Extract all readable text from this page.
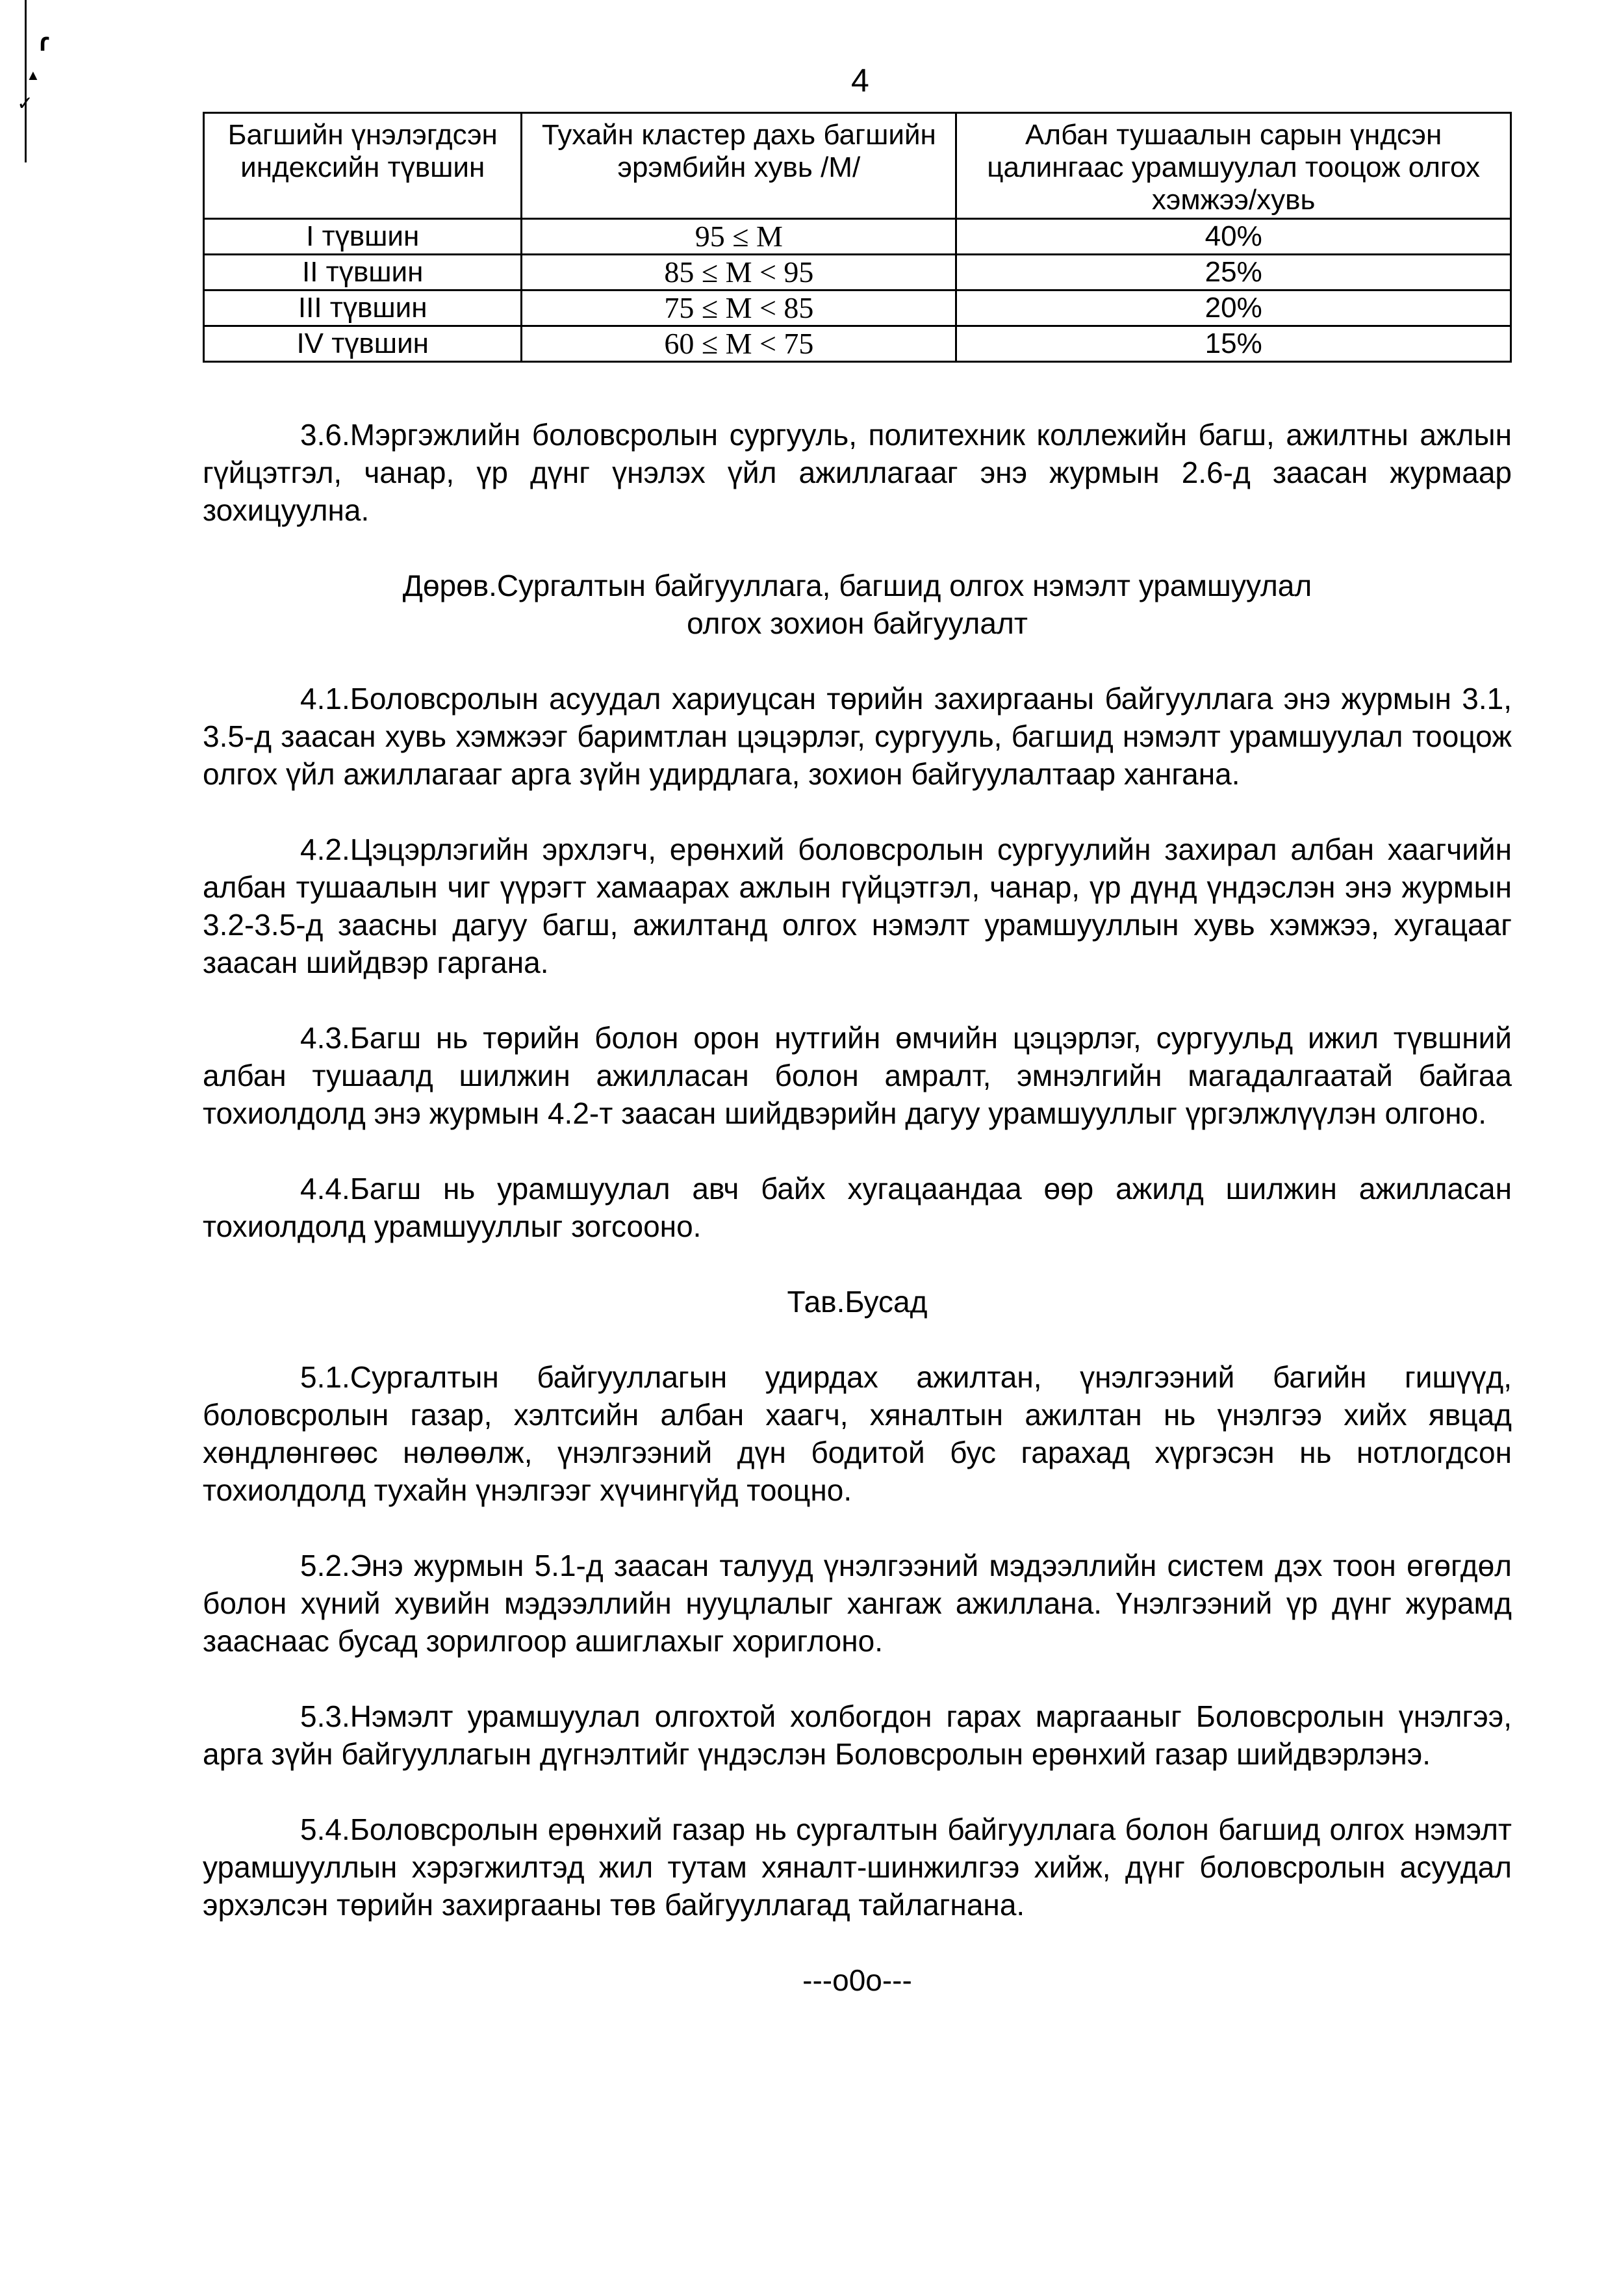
ɾ
▲
✓
4
Багшийн үнэлэгдсэн индексийн түвшин	Тухайн кластер дахь багшийн эрэмбийн хувь /M/	Албан тушаалын сарын үндсэн цалингаас урамшуулал тооцож олгох хэмжээ/хувь
I түвшин	95 ≤ M	40%
II түвшин	85 ≤ M < 95	25%
III түвшин	75 ≤ M < 85	20%
IV түвшин	60 ≤ M < 75	15%

3.6.Мэргэжлийн боловсролын сургууль, политехник коллежийн багш, ажилтны ажлын гүйцэтгэл, чанар, үр дүнг үнэлэх үйл ажиллагааг энэ журмын 2.6-д заасан журмаар зохицуулна.

Дөрөв.Сургалтын байгууллага, багшид олгох нэмэлт урамшуулал
олгох зохион байгуулалт

4.1.Боловсролын асуудал хариуцсан төрийн захиргааны байгууллага энэ журмын 3.1, 3.5-д заасан хувь хэмжээг баримтлан цэцэрлэг, сургууль, багшид нэмэлт урамшуулал тооцож олгох үйл ажиллагааг арга зүйн удирдлага, зохион байгуулалтаар хангана.

4.2.Цэцэрлэгийн эрхлэгч, ерөнхий боловсролын сургуулийн захирал албан хаагчийн албан тушаалын чиг үүрэгт хамаарах ажлын гүйцэтгэл, чанар, үр дүнд үндэслэн энэ журмын 3.2-3.5-д заасны дагуу багш, ажилтанд олгох нэмэлт урамшууллын хувь хэмжээ, хугацааг заасан шийдвэр гаргана.

4.3.Багш нь төрийн болон орон нутгийн өмчийн цэцэрлэг, сургуульд ижил түвшний албан тушаалд шилжин ажилласан болон амралт, эмнэлгийн магадалгаатай байгаа тохиолдолд энэ журмын 4.2-т заасан шийдвэрийн дагуу урамшууллыг үргэлжлүүлэн олгоно.

4.4.Багш нь урамшуулал авч байх хугацаандаа өөр ажилд шилжин ажилласан тохиолдолд урамшууллыг зогсооно.

Тав.Бусад

5.1.Сургалтын байгууллагын удирдах ажилтан, үнэлгээний багийн гишүүд, боловсролын газар, хэлтсийн албан хаагч, хяналтын ажилтан нь үнэлгээ хийх явцад хөндлөнгөөс нөлөөлж, үнэлгээний дүн бодитой бус гарахад хүргэсэн нь нотлогдсон тохиолдолд тухайн үнэлгээг хүчингүйд тооцно.

5.2.Энэ журмын 5.1-д заасан талууд үнэлгээний мэдээллийн систем дэх тоон өгөгдөл болон хүний хувийн мэдээллийн нууцлалыг хангаж ажиллана. Үнэлгээний үр дүнг журамд зааснаас бусад зорилгоор ашиглахыг хориглоно.

5.3.Нэмэлт урамшуулал олгохтой холбогдон гарах маргааныг Боловсролын үнэлгээ, арга зүйн байгууллагын дүгнэлтийг үндэслэн Боловсролын ерөнхий газар шийдвэрлэнэ.

5.4.Боловсролын ерөнхий газар нь сургалтын байгууллага болон багшид олгох нэмэлт урамшууллын хэрэгжилтэд жил тутам хяналт-шинжилгээ хийж, дүнг боловсролын асуудал эрхэлсэн төрийн захиргааны төв байгууллагад тайлагнана.

---o0o---
